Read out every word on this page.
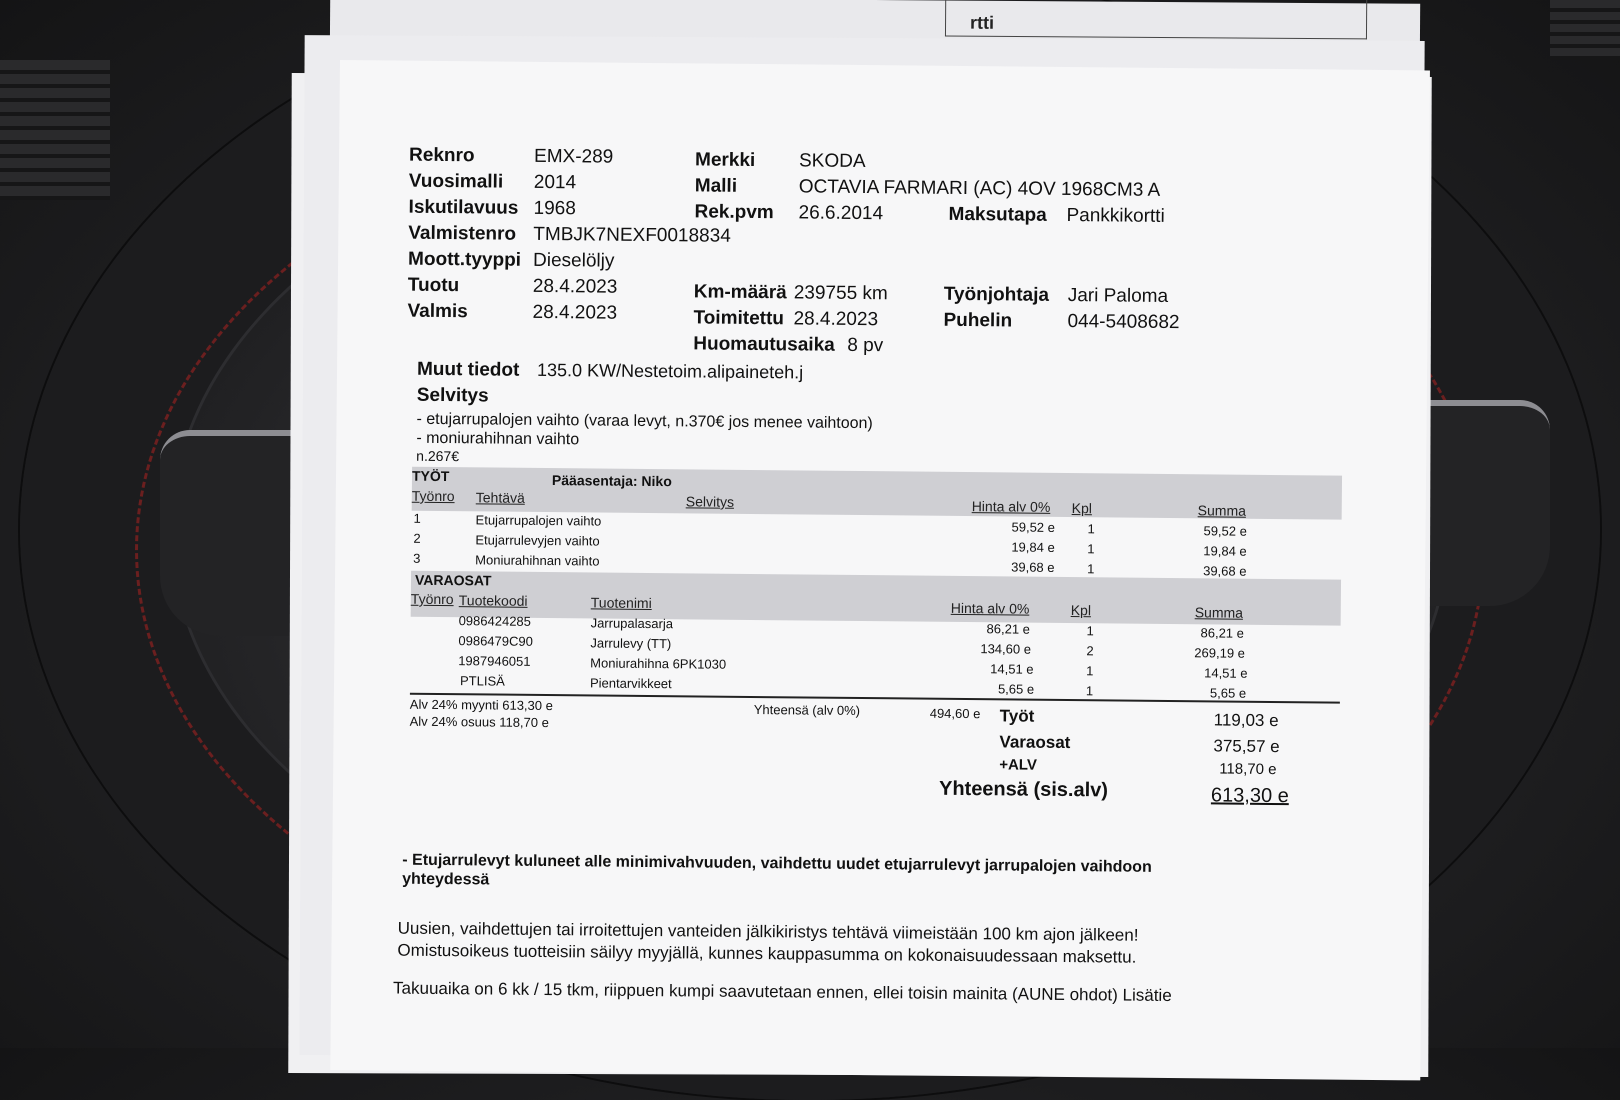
rtti
Reknro	EMX-289
Vuosimalli 2014
Iskutilavuus 1968
Valmistenro TMBJK7NEXF0018834
Moott.tyyppi Dieselöljy
Tuotu	28.4.2023
Valmis	28.4.2023
Merkki SKODA
Malli	OCTAVIA FARMARI (AC) 4OV 1968CM3 A
Rek.pvm 26.6.2014	Maksutapa Pankkikortti
Km-määrä 239755 km
Toimitettu 28.4.2023
Huomautusaika 8 pv
Työnjohtaja Jari Paloma
Puhelin	044-5408682
Muut tiedot 135.0 KW/Nestetoim.alipaineteh.j
Selvitys
- etujarrupalojen vaihto (varaa levyt, n.370€ jos menee vaihtoon)
- moniurahihnan vaihto
n.267€
TYÖT	Pääasentaja: Niko
Työnro Tehtävä	Selvitys	Hinta alv 0% Kpl	Summa
1	Etujarrupalojen vaihto	59,52 e 1	59,52 e
2	Etujarrulevyjen vaihto	19,84 e 1	19,84 e
3	Moniurahihnan vaihto	39,68 e 1	39,68 e
VARAOSAT
Työnro Tuotekoodi	Tuotenimi	Hinta alv 0%	Kpl	Summa
0986424285	Jarrupalasarja	86,21 e	1	86,21 e
0986479C90	Jarrulevy (TT)	134,60 e	2	269,19 e
1987946051	Moniurahihna 6PK1030	14,51 e	1	14,51 e
PTLISÄ	Pientarvikkeet	5,65 e	1	5,65 e
Alv 24% myynti 613,30 e
Alv 24% osuus 118,70 e
Yhteensä (alv 0%)	494,60 e Työt	119,03 e
Varaosat	375,57 e
+ALV	118,70 e
Yhteensä (sis.alv)	613,30 e
- Etujarrulevyt kuluneet alle minimivahvuuden, vaihdettu uudet etujarrulevyt jarrupalojen vaihdoon yhteydessä
Uusien, vaihdettujen tai irroitettujen vanteiden jälkikiristys tehtävä viimeistään 100 km ajon jälkeen!
Omistusoikeus tuotteisiin säilyy myyjällä, kunnes kauppasumma on kokonaisuudessaan maksettu.
Takuuaika on 6 kk / 15 tkm, riippuen kumpi saavutetaan ennen, ellei toisin mainita (AUNE ohdot) Lisätie
